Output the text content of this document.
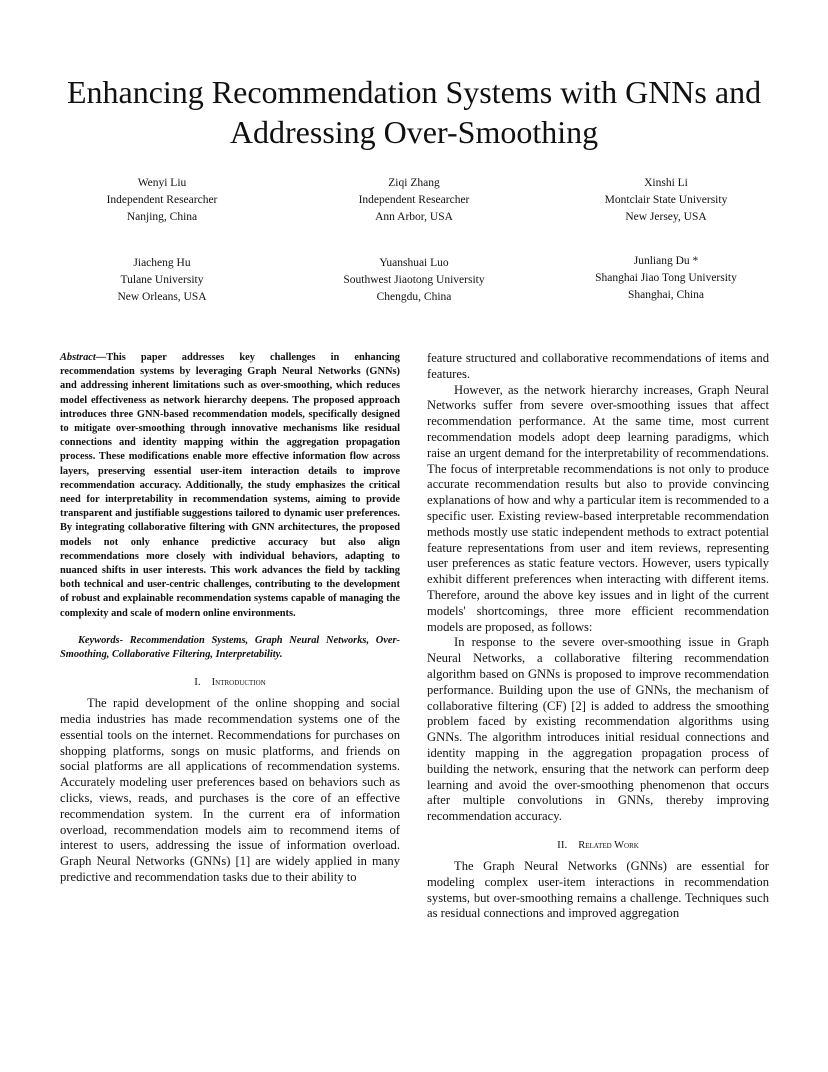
Enhancing Recommendation Systems with GNNs and Addressing Over-Smoothing
Wenyi Liu
Independent Researcher
Nanjing, China
Ziqi Zhang
Independent Researcher
Ann Arbor, USA
Xinshi Li
Montclair State University
New Jersey, USA
Jiacheng Hu
Tulane University
New Orleans, USA
Yuanshuai Luo
Southwest Jiaotong University
Chengdu, China
Junliang Du *
Shanghai Jiao Tong University
Shanghai, China

Abstract—This paper addresses key challenges in enhancing recommendation systems by leveraging Graph Neural Networks (GNNs) and addressing inherent limitations such as over-smoothing, which reduces model effectiveness as network hierarchy deepens. The proposed approach introduces three GNN-based recommendation models, specifically designed to mitigate over-smoothing through innovative mechanisms like residual connections and identity mapping within the aggregation propagation process. These modifications enable more effective information flow across layers, preserving essential user-item interaction details to improve recommendation accuracy. Additionally, the study emphasizes the critical need for interpretability in recommendation systems, aiming to provide transparent and justifiable suggestions tailored to dynamic user preferences. By integrating collaborative filtering with GNN architectures, the proposed models not only enhance predictive accuracy but also align recommendations more closely with individual behaviors, adapting to nuanced shifts in user interests. This work advances the field by tackling both technical and user-centric challenges, contributing to the development of robust and explainable recommendation systems capable of managing the complexity and scale of modern online environments.

Keywords- Recommendation Systems, Graph Neural Networks, Over-Smoothing, Collaborative Filtering, Interpretability.

I. Introduction

The rapid development of the online shopping and social media industries has made recommendation systems one of the essential tools on the internet. Recommendations for purchases on shopping platforms, songs on music platforms, and friends on social platforms are all applications of recommendation systems. Accurately modeling user preferences based on behaviors such as clicks, views, reads, and purchases is the core of an effective recommendation system. In the current era of information overload, recommendation models aim to recommend items of interest to users, addressing the issue of information overload. Graph Neural Networks (GNNs) [1] are widely applied in many predictive and recommendation tasks due to their ability to

feature structured and collaborative recommendations of items and features.

However, as the network hierarchy increases, Graph Neural Networks suffer from severe over-smoothing issues that affect recommendation performance. At the same time, most current recommendation models adopt deep learning paradigms, which raise an urgent demand for the interpretability of recommendations. The focus of interpretable recommendations is not only to produce accurate recommendation results but also to provide convincing explanations of how and why a particular item is recommended to a specific user. Existing review-based interpretable recommendation methods mostly use static independent methods to extract potential feature representations from user and item reviews, representing user preferences as static feature vectors. However, users typically exhibit different preferences when interacting with different items. Therefore, around the above key issues and in light of the current models' shortcomings, three more efficient recommendation models are proposed, as follows:

In response to the severe over-smoothing issue in Graph Neural Networks, a collaborative filtering recommendation algorithm based on GNNs is proposed to improve recommendation performance. Building upon the use of GNNs, the mechanism of collaborative filtering (CF) [2] is added to address the smoothing problem faced by existing recommendation algorithms using GNNs. The algorithm introduces initial residual connections and identity mapping in the aggregation propagation process of building the network, ensuring that the network can perform deep learning and avoid the over-smoothing phenomenon that occurs after multiple convolutions in GNNs, thereby improving recommendation accuracy.

II. Related Work

The Graph Neural Networks (GNNs) are essential for modeling complex user-item interactions in recommendation systems, but over-smoothing remains a challenge. Techniques such as residual connections and improved aggregation
